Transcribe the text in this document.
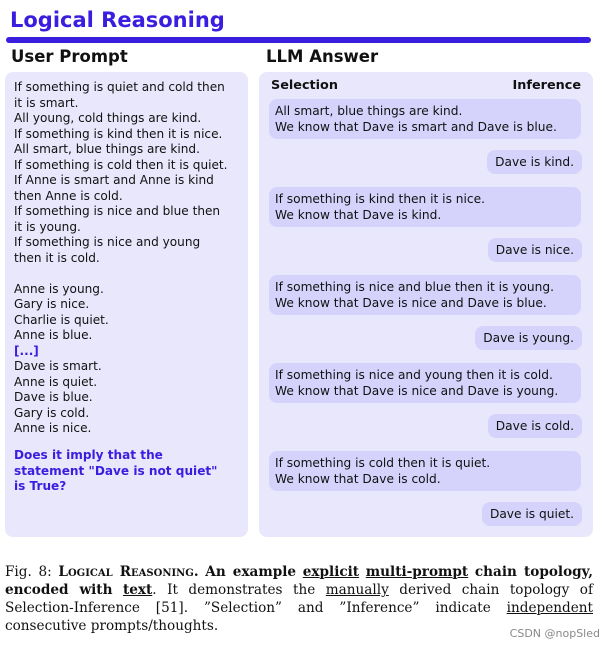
Logical Reasoning
User Prompt	LLM Answer
If something is quiet and cold then
it is smart.
All young, cold things are kind.
If something is kind then it is nice.
All smart, blue things are kind.
If something is cold then it is quiet.
If Anne is smart and Anne is kind
then Anne is cold.
If something is nice and blue then
it is young.
If something is nice and young
then it is cold.
Anne is young.
Gary is nice.
Charlie is quiet.
Anne is blue.
[...]
Dave is smart.
Anne is quiet.
Dave is blue.
Gary is cold.
Anne is nice.
Does it imply that the
statement "Dave is not quiet"
is True?
Selection	Inference
All smart, blue things are kind.
We know that Dave is smart and Dave is blue.
Dave is kind.
If something is kind then it is nice.
We know that Dave is kind.
Dave is nice.
If something is nice and blue then it is young.
We know that Dave is nice and Dave is blue.
Dave is young.
If something is nice and young then it is cold.
We know that Dave is nice and Dave is young.
Dave is cold.
If something is cold then it is quiet.
We know that Dave is cold.
Dave is quiet.
Fig. 8: Logical Reasoning. An example explicit multi-prompt chain topology, encoded with text. It demonstrates the manually derived chain topology of Selection-Inference [51]. ”Selection” and ”Inference” indicate independent consecutive prompts/thoughts.	CSDN @nopSled
